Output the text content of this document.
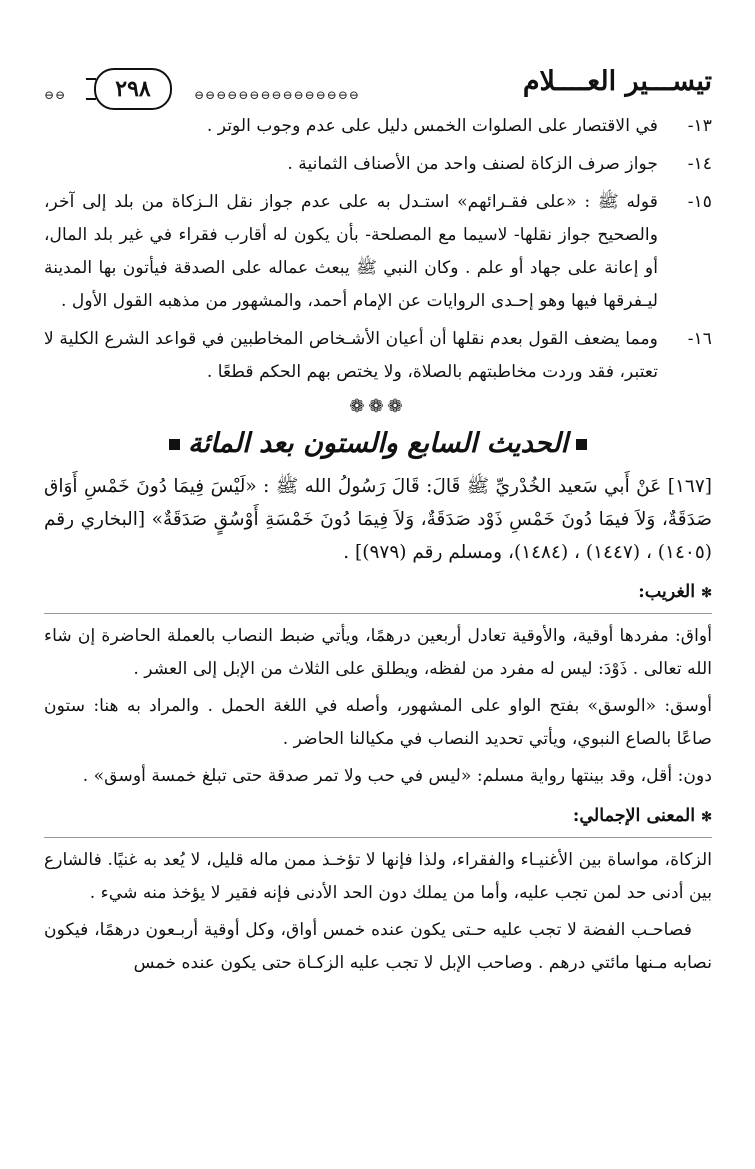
تيســـير العــــلام
⊖⊖⊖⊖⊖⊖⊖⊖⊖⊖⊖⊖⊖⊖⊖
٢٩٨
⊖⊖
١٣-في الاقتصار على الصلوات الخمس دليل على عدم وجوب الوتر .
١٤-جواز صرف الزكاة لصنف واحد من الأصناف الثمانية .
١٥-قوله ﷺ : «على فقـرائهم» استـدل به على عدم جواز نقل الـزكاة من بلد إلى آخر، والصحيح جواز نقلها- لاسيما مع المصلحة- بأن يكون له أقارب فقراء في غير بلد المال، أو إعانة على جهاد أو علم . وكان النبي ﷺ يبعث عماله على الصدقة فيأتون بها المدينة ليـفرقها فيها وهو إحـدى الروايات عن الإمام أحمد، والمشهور من مذهبه القول الأول .
١٦-ومما يضعف القول بعدم نقلها أن أعيان الأشـخاص المخاطبين في قواعد الشرع الكلية لا تعتبر، فقد وردت مخاطبتهم بالصلاة، ولا يختص بهم الحكم قطعًا .
❁❁❁
الحديث السابع والستون بعد المائة
[١٦٧] عَنْ أَبي سَعيد الخُدْريِّ ﷺ قَالَ: قَالَ رَسُولُ الله ﷺ : «لَيْسَ فِيمَا دُونَ خَمْسِ أَوَاق صَدَقَةٌ، وَلاَ فيمَا دُونَ خَمْسِ ذَوْد صَدَقَةٌ، وَلاَ فِيمَا دُونَ خَمْسَةِ أَوْسُقٍ صَدَقَةٌ» [البخاري رقم (١٤٠٥) ، (١٤٤٧) ، (١٤٨٤)، ومسلم رقم (٩٧٩)] .
✻الغريب:
أواق: مفردها أوقية، والأوقية تعادل أربعين درهمًا، ويأتي ضبط النصاب بالعملة الحاضرة إن شاء الله تعالى . ذَوْدَ: ليس له مفرد من لفظه، ويطلق على الثلاث من الإبل إلى العشر .
أوسق: «الوسق» بفتح الواو على المشهور، وأصله في اللغة الحمل . والمراد به هنا: ستون صاعًا بالصاع النبوي، ويأتي تحديد النصاب في مكيالنا الحاضر .
دون: أقل، وقد بينتها رواية مسلم: «ليس في حب ولا تمر صدقة حتى تبلغ خمسة أوسق» .
✻المعنى الإجمالي:
الزكاة، مواساة بين الأغنيـاء والفقراء، ولذا فإنها لا تؤخـذ ممن ماله قليل، لا يُعد به غنيًا. فالشارع بين أدنى حد لمن تجب عليه، وأما من يملك دون الحد الأدنى فإنه فقير لا يؤخذ منه شيء .
فصاحـب الفضة لا تجب عليه حـتى يكون عنده خمس أواق، وكل أوقية أربـعون درهمًا، فيكون نصابه مـنها مائتي درهم . وصاحب الإبل لا تجب عليه الزكـاة حتى يكون عنده خمس
